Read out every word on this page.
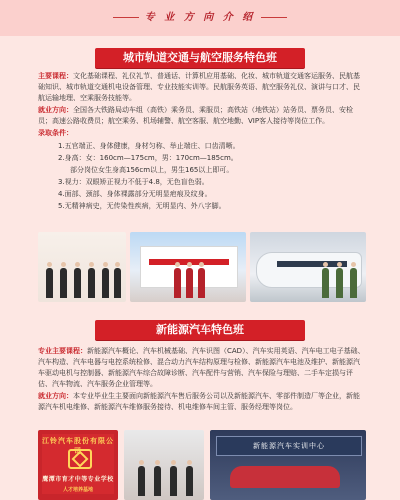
专 业 方 向 介 绍
城市轨道交通与航空服务特色班
主要课程：文化基础课程、礼仪礼节、普通话、计算机应用基础、化妆、城市轨道交通客运服务、民航基础知识、城市轨道交通机电设备管理、专业技能实训等。民航服务英语、航空服务礼仪、演讲与口才、民航运输地理、空乘服务技能等。
就业方向：全国各大铁路局动车组（高铁）乘务员、乘服员；高铁站（地铁站）站务员、票务员、安检员；高速公路收费员；航空乘务、机场辅警、航空客服、航空地勤、VIP客人接待等岗位工作。
录取条件：
1.五官端正、身体健康，身材匀称、举止端庄、口齿清晰。
2.身高：女：160cm—175cm，男：170cm—185cm。
部分岗位女生身高156cm以上，男生165以上即可。
3.视力：双眼矫正视力不低于4.8，无色盲色弱。
4.面部、颈部、身体裸露部分无明显疤痕及纹身。
5.无精神病史，无传染性疾病，无明显内、外八字脚。
新能源汽车特色班
专业主要课程：新能源汽车概论、汽车机械基础、汽车识图（CAD）、汽车实用英语、汽车电工电子基础、汽车构造、汽车电器与电控系统检修、混合动力汽车结构原理与检修、新能源汽车电池及维护、新能源汽车驱动电机与控制器、新能源汽车综合故障诊断、汽车配件与营销、汽车保险与理赔、二手车定损与评估、汽车物流、汽车服务企业管理等。
就业方向：本专业毕业生主要面向新能源汽车售后服务公司以及新能源汽车、零部件制造厂等企业，新能源汽车机电维修、新能源汽车维修服务接待、机电维修车间主管、服务经理等岗位。
江铃汽车股份有限公司
鹰潭市育才中等专业学校
人才培养基地
新能源汽车实训中心
